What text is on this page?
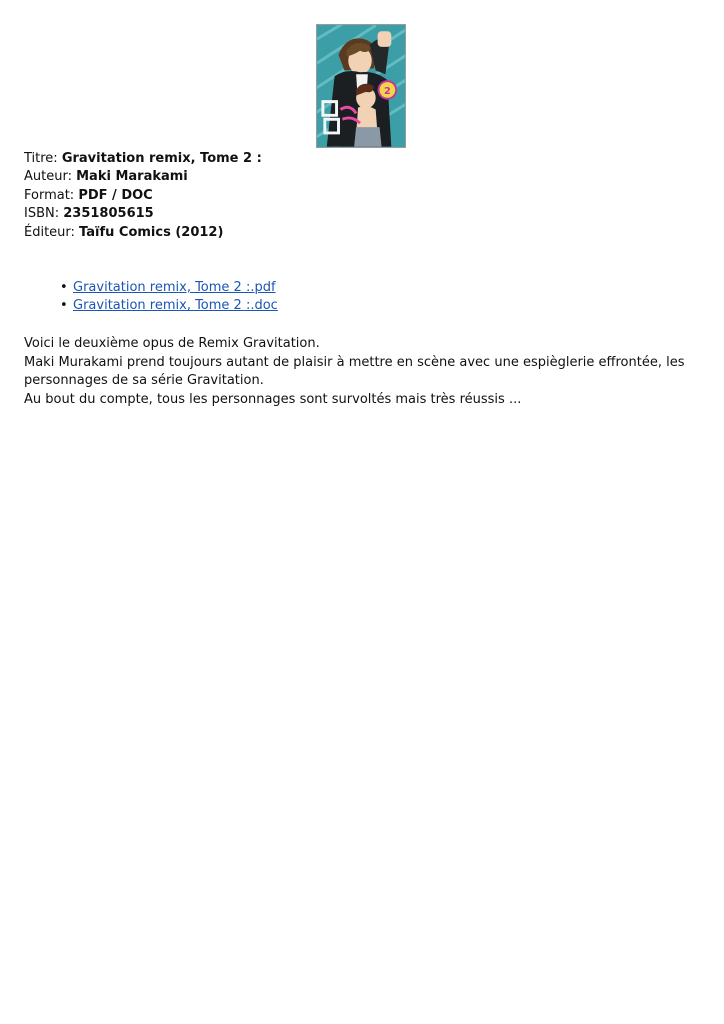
2
Titre: Gravitation remix, Tome 2 :
Auteur: Maki Marakami
Format: PDF / DOC
ISBN: 2351805615
Éditeur: Taïfu Comics (2012)
• Gravitation remix, Tome 2 :.pdf
• Gravitation remix, Tome 2 :.doc

Voici le deuxième opus de Remix Gravitation.

Maki Murakami prend toujours autant de plaisir à mettre en scène avec une espièglerie effrontée, les personnages de sa série Gravitation.

Au bout du compte, tous les personnages sont survoltés mais très réussis ...
